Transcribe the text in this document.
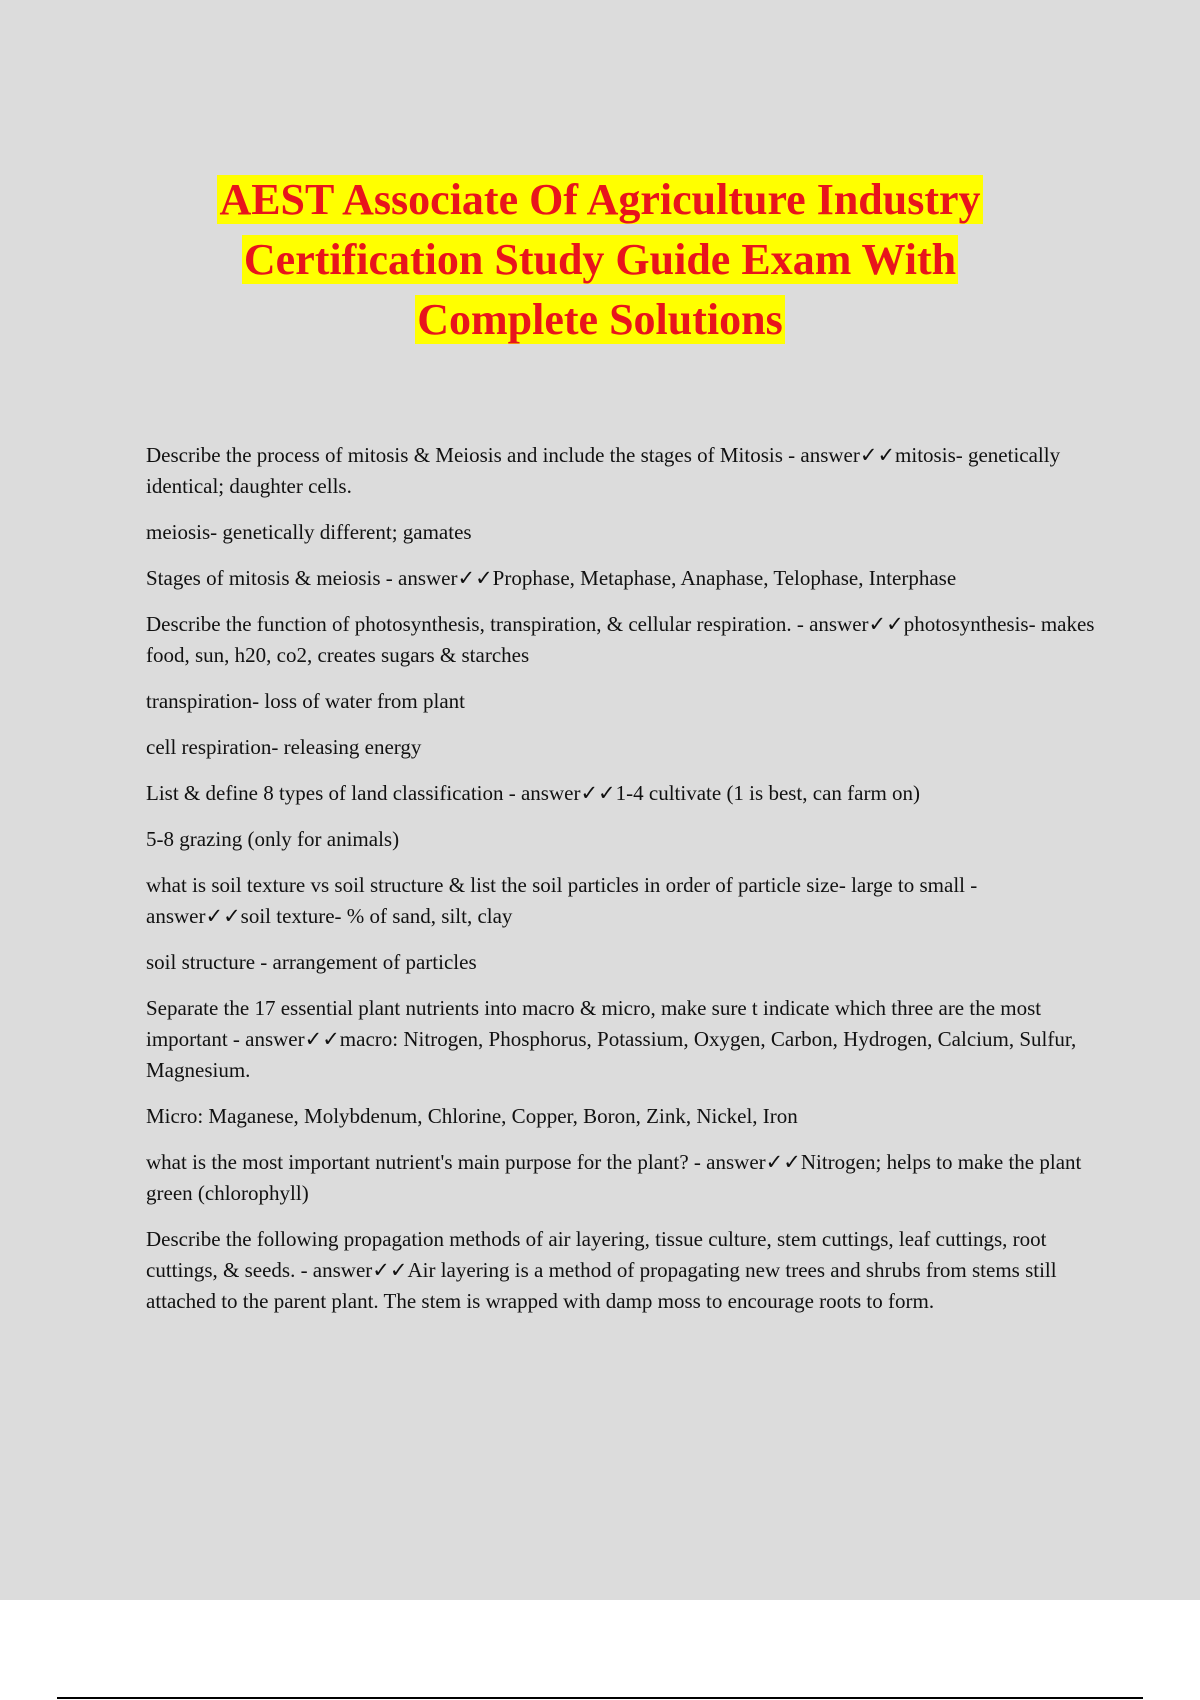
AEST Associate Of Agriculture Industry
Certification Study Guide Exam With
Complete Solutions

Describe the process of mitosis & Meiosis and include the stages of Mitosis - answer✓✓mitosis- genetically identical; daughter cells.

meiosis- genetically different; gamates

Stages of mitosis & meiosis - answer✓✓Prophase, Metaphase, Anaphase, Telophase, Interphase

Describe the function of photosynthesis, transpiration, & cellular respiration. - answer✓✓photosynthesis- makes food, sun, h20, co2, creates sugars & starches

transpiration- loss of water from plant

cell respiration- releasing energy

List & define 8 types of land classification - answer✓✓1-4 cultivate (1 is best, can farm on)

5-8 grazing (only for animals)

what is soil texture vs soil structure & list the soil particles in order of particle size- large to small - answer✓✓soil texture- % of sand, silt, clay

soil structure - arrangement of particles

Separate the 17 essential plant nutrients into macro & micro, make sure t indicate which three are the most important - answer✓✓macro: Nitrogen, Phosphorus, Potassium, Oxygen, Carbon, Hydrogen, Calcium, Sulfur, Magnesium.

Micro: Maganese, Molybdenum, Chlorine, Copper, Boron, Zink, Nickel, Iron

what is the most important nutrient's main purpose for the plant? - answer✓✓Nitrogen; helps to make the plant green (chlorophyll)

Describe the following propagation methods of air layering, tissue culture, stem cuttings, leaf cuttings, root cuttings, & seeds. - answer✓✓Air layering is a method of propagating new trees and shrubs from stems still attached to the parent plant. The stem is wrapped with damp moss to encourage roots to form.
